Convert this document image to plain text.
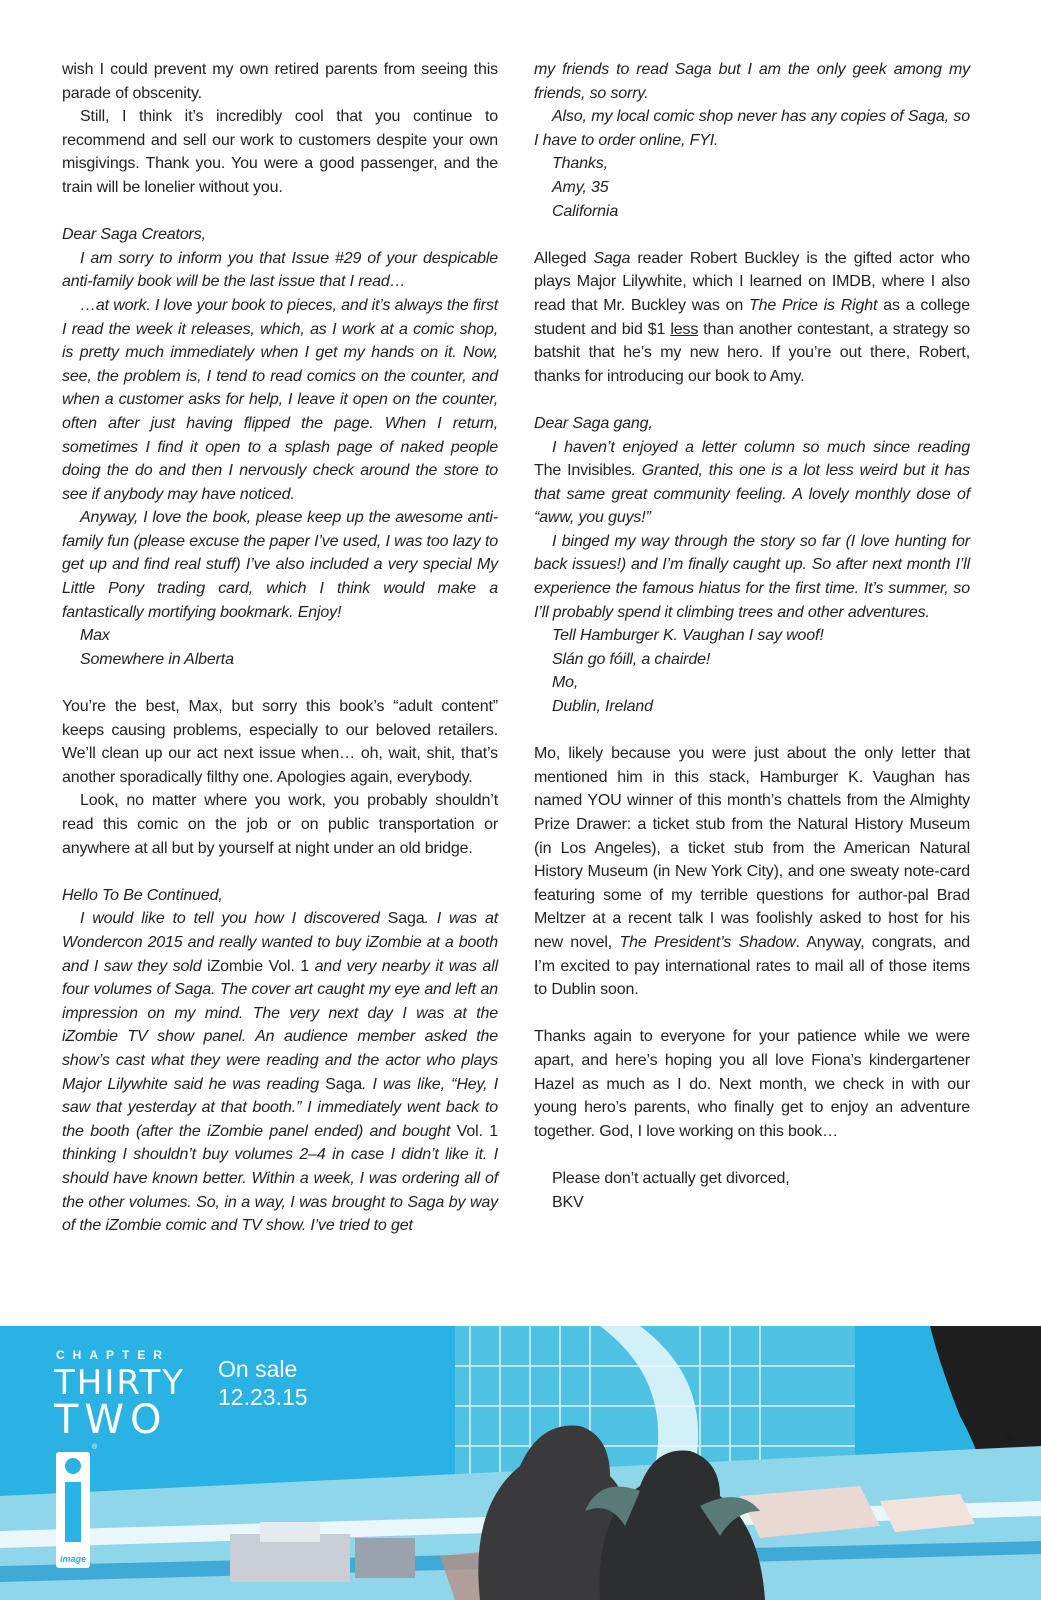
wish I could prevent my own retired parents from seeing this parade of obscenity.

Still, I think it’s incredibly cool that you continue to recommend and sell our work to customers despite your own misgivings. Thank you. You were a good passenger, and the train will be lonelier without you.

Dear Saga Creators,

I am sorry to inform you that Issue #29 of your despicable anti-family book will be the last issue that I read…

…at work. I love your book to pieces, and it’s always the first I read the week it releases, which, as I work at a comic shop, is pretty much immediately when I get my hands on it. Now, see, the problem is, I tend to read comics on the counter, and when a customer asks for help, I leave it open on the counter, often after just having flipped the page. When I return, sometimes I find it open to a splash page of naked people doing the do and then I nervously check around the store to see if anybody may have noticed.

Anyway, I love the book, please keep up the awesome anti-family fun (please excuse the paper I’ve used, I was too lazy to get up and find real stuff) I’ve also included a very special My Little Pony trading card, which I think would make a fantastically mortifying bookmark. Enjoy!

Max

Somewhere in Alberta

You’re the best, Max, but sorry this book’s “adult content” keeps causing problems, especially to our beloved retailers. We’ll clean up our act next issue when… oh, wait, shit, that’s another sporadically filthy one. Apologies again, everybody.

Look, no matter where you work, you probably shouldn’t read this comic on the job or on public transportation or anywhere at all but by yourself at night under an old bridge.

Hello To Be Continued,

I would like to tell you how I discovered Saga. I was at Wondercon 2015 and really wanted to buy iZombie at a booth and I saw they sold iZombie Vol. 1 and very nearby it was all four volumes of Saga. The cover art caught my eye and left an impression on my mind. The very next day I was at the iZombie TV show panel. An audience member asked the show’s cast what they were reading and the actor who plays Major Lilywhite said he was reading Saga. I was like, “Hey, I saw that yesterday at that booth.” I immediately went back to the booth (after the iZombie panel ended) and bought Vol. 1 thinking I shouldn’t buy volumes 2–4 in case I didn’t like it. I should have known better. Within a week, I was ordering all of the other volumes. So, in a way, I was brought to Saga by way of the iZombie comic and TV show. I’ve tried to get

my friends to read Saga but I am the only geek among my friends, so sorry.

Also, my local comic shop never has any copies of Saga, so I have to order online, FYI.

Thanks,

Amy, 35

California

Alleged Saga reader Robert Buckley is the gifted actor who plays Major Lilywhite, which I learned on IMDB, where I also read that Mr. Buckley was on The Price is Right as a college student and bid $1 less than another contestant, a strategy so batshit that he’s my new hero. If you’re out there, Robert, thanks for introducing our book to Amy.

Dear Saga gang,

I haven’t enjoyed a letter column so much since reading The Invisibles. Granted, this one is a lot less weird but it has that same great community feeling. A lovely monthly dose of “aww, you guys!”

I binged my way through the story so far (I love hunting for back issues!) and I’m finally caught up. So after next month I’ll experience the famous hiatus for the first time. It’s summer, so I’ll probably spend it climbing trees and other adventures.

Tell Hamburger K. Vaughan I say woof!

Slán go fóill, a chairde!

Mo,

Dublin, Ireland

Mo, likely because you were just about the only letter that mentioned him in this stack, Hamburger K. Vaughan has named YOU winner of this month’s chattels from the Almighty Prize Drawer: a ticket stub from the Natural History Museum (in Los Angeles), a ticket stub from the American Natural History Museum (in New York City), and one sweaty note-card featuring some of my terrible questions for author-pal Brad Meltzer at a recent talk I was foolishly asked to host for his new novel, The President’s Shadow. Anyway, congrats, and I’m excited to pay international rates to mail all of those items to Dublin soon.

Thanks again to everyone for your patience while we were apart, and here’s hoping you all love Fiona’s kindergartener Hazel as much as I do. Next month, we check in with our young hero’s parents, who finally get to enjoy an adventure together. God, I love working on this book…

Please don’t actually get divorced,

BKV

CHAPTER
THIRTY
TWO
On sale
12.23.15
image
®
TM
